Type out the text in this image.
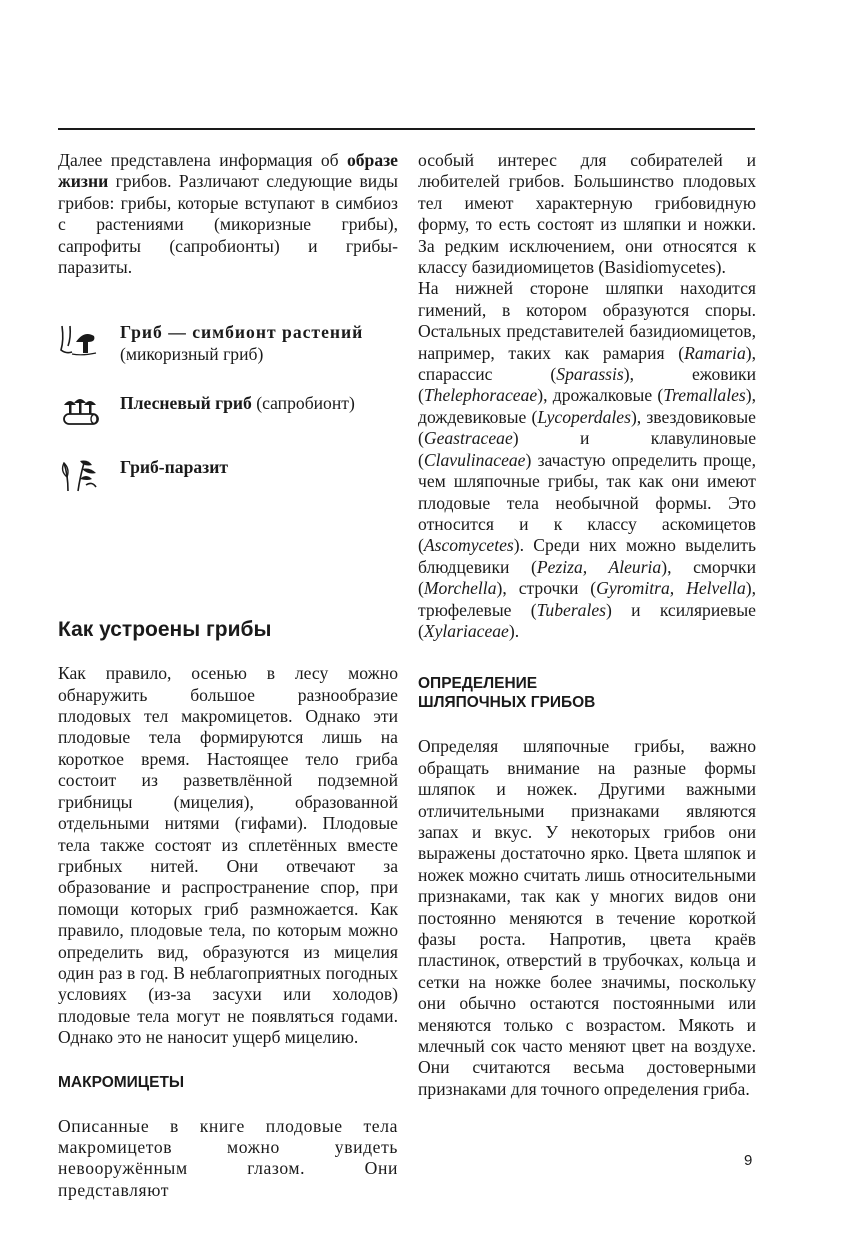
Далее представлена информация об образе жизни грибов. Различают следующие виды грибов: грибы, которые вступают в симбиоз с растениями (микоризные грибы), сапрофиты (сапробионты) и грибы-паразиты.

Гриб — симбионт растений (микоризный гриб)
Плесневый гриб (сапробионт)
Гриб-паразит
Как устроены грибы

Как правило, осенью в лесу можно обнаружить большое разнообразие плодовых тел макромицетов. Однако эти плодовые тела формируются лишь на короткое время. Настоящее тело гриба состоит из разветвлённой подземной грибницы (мицелия), образованной отдельными нитями (гифами). Плодовые тела также состоят из сплетённых вместе грибных нитей. Они отвечают за образование и распространение спор, при помощи которых гриб размножается. Как правило, плодовые тела, по которым можно определить вид, образуются из мицелия один раз в год. В неблагоприятных погодных условиях (из-за засухи или холодов) плодовые тела могут не появляться годами. Однако это не наносит ущерб мицелию.

МАКРОМИЦЕТЫ

Описанные в книге плодовые тела макромицетов можно увидеть невооружённым глазом. Они представляют

особый интерес для собирателей и любителей грибов. Большинство плодовых тел имеют характерную грибовидную форму, то есть состоят из шляпки и ножки. За редким исключением, они относятся к классу базидиомицетов (Basidiomycetes).

На нижней стороне шляпки находится гимений, в котором образуются споры. Остальных представителей базидиомицетов, например, таких как рамария (Ramaria), спарассис (Sparassis), ежовики (Thelephoraceae), дрожалковые (Tremallales), дождевиковые (Lycoperdales), звездовиковые (Geastraceae) и клавулиновые (Clavulinaceae) зачастую определить проще, чем шляпочные грибы, так как они имеют плодовые тела необычной формы. Это относится и к классу аскомицетов (Ascomycetes). Среди них можно выделить блюдцевики (Peziza, Aleuria), сморчки (Morchella), строчки (Gyromitra, Helvella), трюфелевые (Tuberales) и ксиляриевые (Xylariaceae).

ОПРЕДЕЛЕНИЕ
ШЛЯПОЧНЫХ ГРИБОВ

Определяя шляпочные грибы, важно обращать внимание на разные формы шляпок и ножек. Другими важными отличительными признаками являются запах и вкус. У некоторых грибов они выражены достаточно ярко. Цвета шляпок и ножек можно считать лишь относительными признаками, так как у многих видов они постоянно меняются в течение короткой фазы роста. Напротив, цвета краёв пластинок, отверстий в трубочках, кольца и сетки на ножке более значимы, поскольку они обычно остаются постоянными или меняются только с возрастом. Мякоть и млечный сок часто меняют цвет на воздухе. Они считаются весьма достоверными признаками для точного определения гриба.

9
